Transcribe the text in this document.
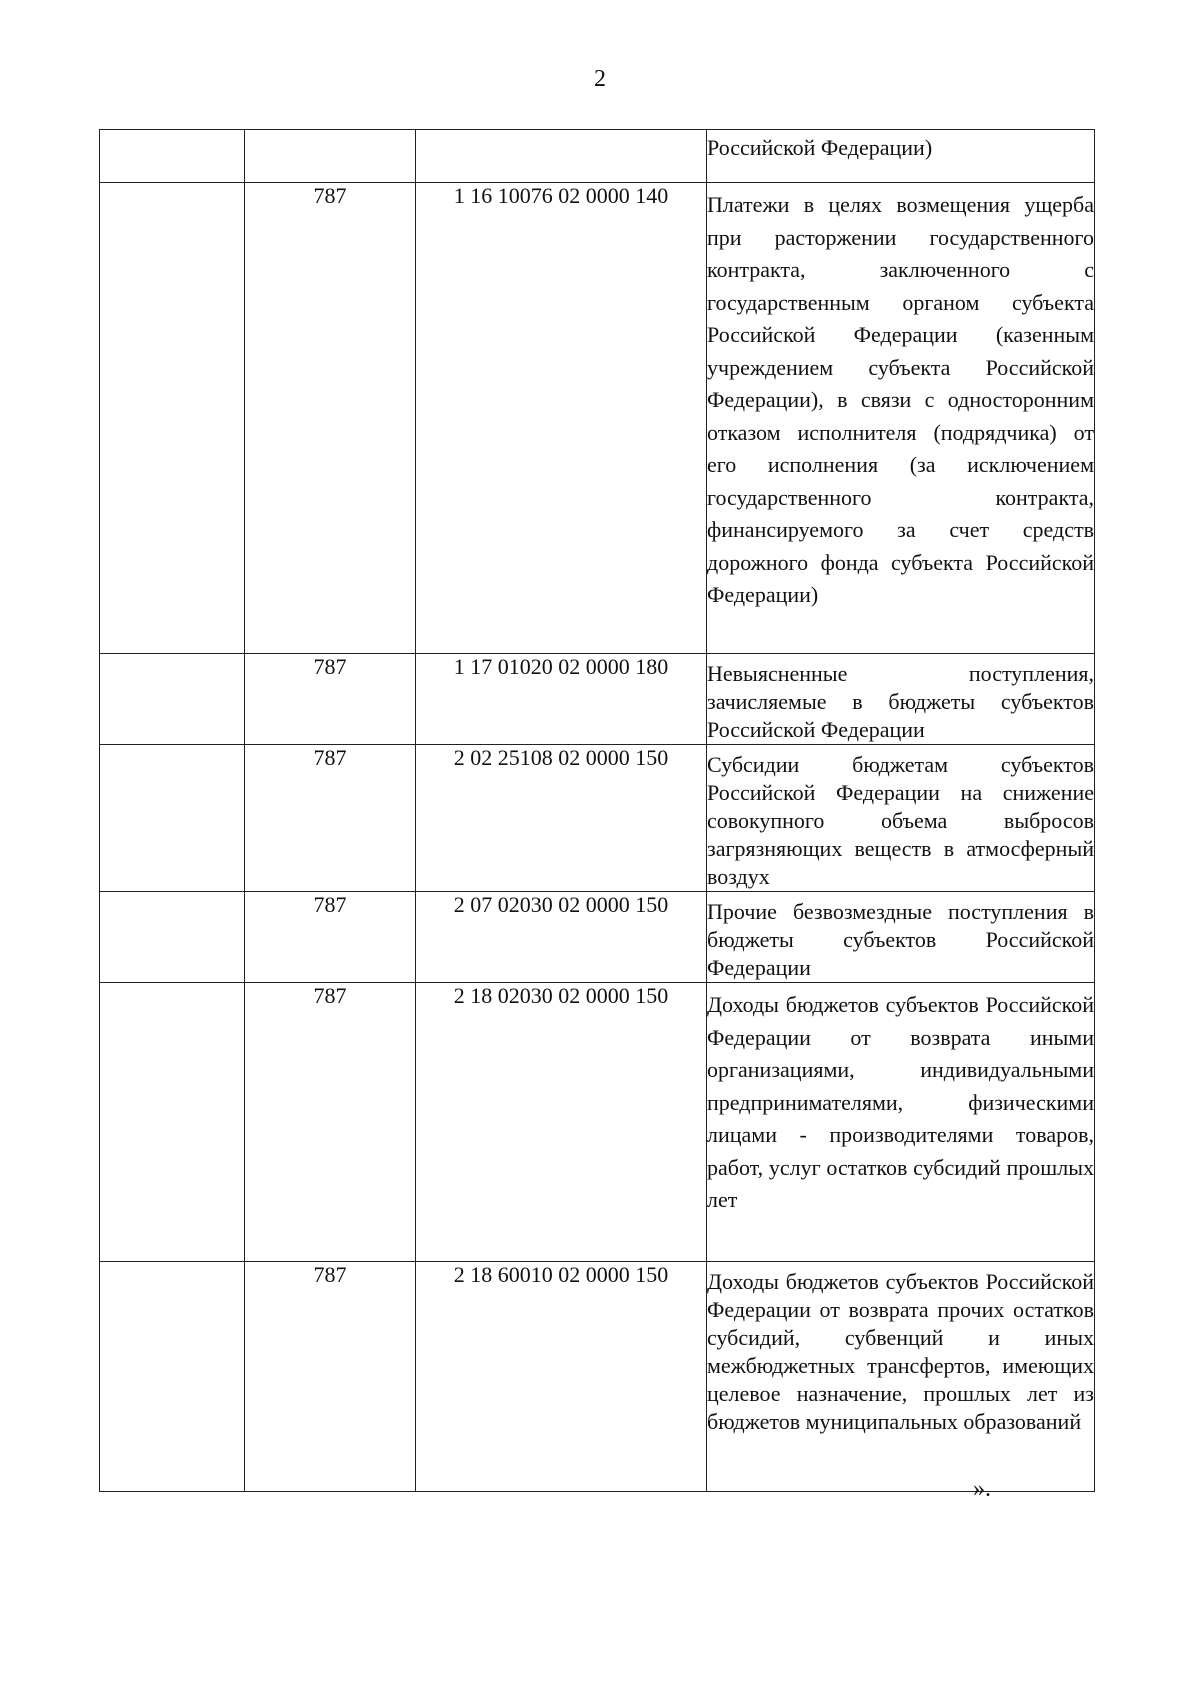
2

			Российской Федерации)

	787	1 16 10076 02 0000 140	Платежи в целях возмещения ущерба при расторжении государственного контракта, заключенного с государственным органом субъекта Российской Федерации (казенным учреждением субъекта Российской Федерации), в связи с односторонним отказом исполнителя (подрядчика) от его исполнения (за исключением государственного контракта, финансируемого за счет средств дорожного фонда субъекта Российской Федерации)

	787	1 17 01020 02 0000 180	Невыясненные поступления, зачисляемые в бюджеты субъектов Российской Федерации

	787	2 02 25108 02 0000 150	Субсидии бюджетам субъектов Российской Федерации на снижение совокупного объема выбросов загрязняющих веществ в атмосферный воздух

	787	2 07 02030 02 0000 150	Прочие безвозмездные поступления в бюджеты субъектов Российской Федерации

	787	2 18 02030 02 0000 150	Доходы бюджетов субъектов Российской Федерации от возврата иными организациями, индивидуальными предпринимателями, физическими лицами - производителями товаров, работ, услуг остатков субсидий прошлых лет

	787	2 18 60010 02 0000 150	Доходы бюджетов субъектов Российской Федерации от возврата прочих остатков субсидий, субвенций и иных межбюджетных трансфертов, имеющих целевое назначение, прошлых лет из бюджетов муниципальных образований
».
